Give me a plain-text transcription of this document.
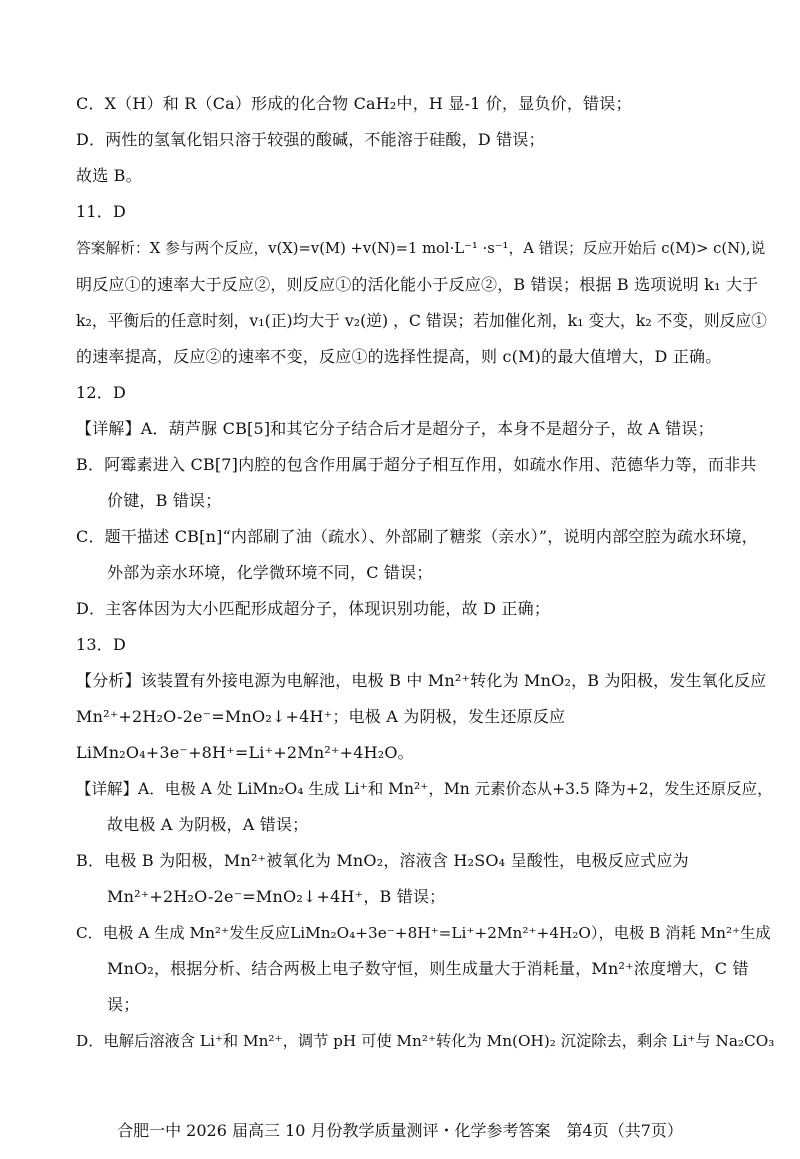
C．X（H）和 R（Ca）形成的化合物 CaH₂中，H 显-1 价，显负价，错误；
D．两性的氢氧化铝只溶于较强的酸碱，不能溶于硅酸，D 错误；
故选 B。
11．D
答案解析：X 参与两个反应，v(X)=v(M) +v(N)=1 mol·L⁻¹ ·s⁻¹，A 错误；反应开始后 c(M)> c(N),说
明反应①的速率大于反应②，则反应①的活化能小于反应②，B 错误；根据 B 选项说明 k₁ 大于
k₂，平衡后的任意时刻，v₁(正)均大于 v₂(逆) ，C 错误；若加催化剂，k₁ 变大，k₂ 不变，则反应①
的速率提高，反应②的速率不变，反应①的选择性提高，则 c(M)的最大值增大，D 正确。
12．D
【详解】A．葫芦脲 CB[5]和其它分子结合后才是超分子，本身不是超分子，故 A 错误；
B．阿霉素进入 CB[7]内腔的包含作用属于超分子相互作用，如疏水作用、范德华力等，而非共
价键，B 错误；
C．题干描述 CB[n]“内部刷了油（疏水）、外部刷了糖浆（亲水）”，说明内部空腔为疏水环境，
外部为亲水环境，化学微环境不同，C 错误；
D．主客体因为大小匹配形成超分子，体现识别功能，故 D 正确；
13．D
【分析】该装置有外接电源为电解池，电极 B 中 Mn²⁺转化为 MnO₂，B 为阳极，发生氧化反应
Mn²⁺+2H₂O-2e⁻=MnO₂↓+4H⁺；电极 A 为阴极，发生还原反应
LiMn₂O₄+3e⁻+8H⁺=Li⁺+2Mn²⁺+4H₂O。
【详解】A．电极 A 处 LiMn₂O₄ 生成 Li⁺和 Mn²⁺，Mn 元素价态从+3.5 降为+2，发生还原反应，
故电极 A 为阴极，A 错误；
B．电极 B 为阳极，Mn²⁺被氧化为 MnO₂，溶液含 H₂SO₄ 呈酸性，电极反应式应为
Mn²⁺+2H₂O-2e⁻=MnO₂↓+4H⁺，B 错误；
C．电极 A 生成 Mn²⁺发生反应LiMn₂O₄+3e⁻+8H⁺=Li⁺+2Mn²⁺+4H₂O），电极 B 消耗 Mn²⁺生成
MnO₂，根据分析、结合两极上电子数守恒，则生成量大于消耗量，Mn²⁺浓度增大，C 错
误；
D．电解后溶液含 Li⁺和 Mn²⁺，调节 pH 可使 Mn²⁺转化为 Mn(OH)₂ 沉淀除去，剩余 Li⁺与 Na₂CO₃
合肥一中 2026 届高三 10 月份教学质量测评・化学参考答案　第4页（共7页）
